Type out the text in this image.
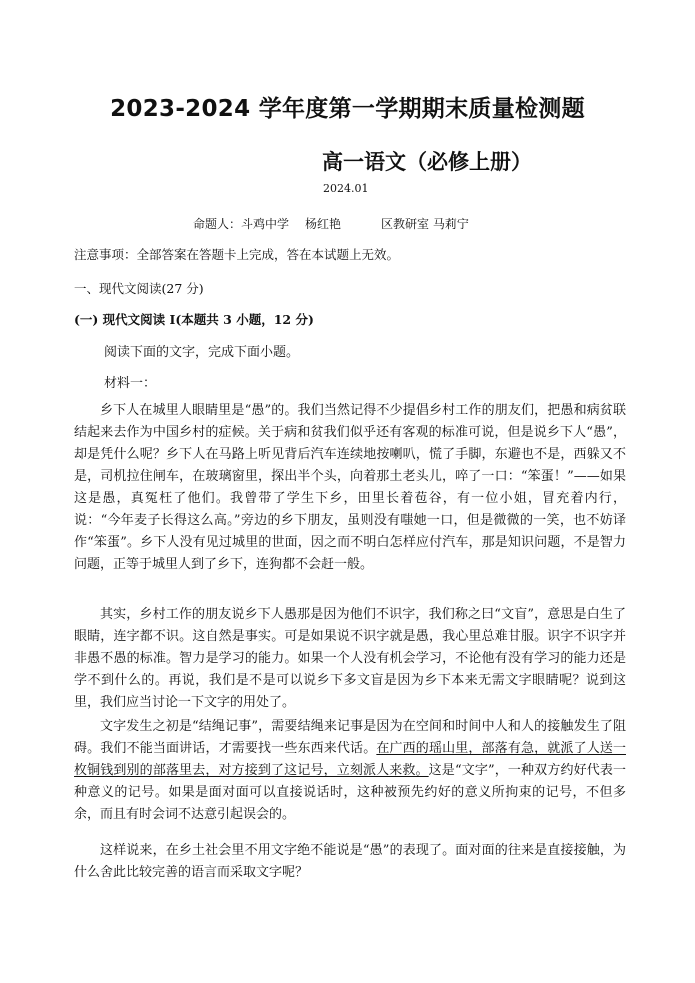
2023-2024 学年度第一学期期末质量检测题
高一语文（必修上册）
2024.01
命题人：斗鸡中学 杨红艳	区教研室 马莉宁
注意事项：全部答案在答题卡上完成，答在本试题上无效。
一、现代文阅读(27 分)
(一) 现代文阅读 I(本题共 3 小题，12 分)
阅读下面的文字，完成下面小题。
材料一：
乡下人在城里人眼睛里是“愚”的。我们当然记得不少提倡乡村工作的朋友们，把愚和病贫联结起来去作为中国乡村的症候。关于病和贫我们似乎还有客观的标准可说，但是说乡下人“愚”，却是凭什么呢？乡下人在马路上听见背后汽车连续地按喇叭，慌了手脚，东避也不是，西躲又不是，司机拉住闸车，在玻璃窗里，探出半个头，向着那土老头儿，啐了一口：“笨蛋！”——如果这是愚，真冤枉了他们。我曾带了学生下乡，田里长着苞谷，有一位小姐，冒充着内行，说：“今年麦子长得这么高。”旁边的乡下朋友，虽则没有嗤她一口，但是微微的一笑，也不妨译作“笨蛋”。乡下人没有见过城里的世面，因之而不明白怎样应付汽车，那是知识问题，不是智力问题，正等于城里人到了乡下，连狗都不会赶一般。
其实，乡村工作的朋友说乡下人愚那是因为他们不识字，我们称之曰“文盲”，意思是白生了眼睛，连字都不识。这自然是事实。可是如果说不识字就是愚，我心里总难甘服。识字不识字并非愚不愚的标准。智力是学习的能力。如果一个人没有机会学习，不论他有没有学习的能力还是学不到什么的。再说，我们是不是可以说乡下多文盲是因为乡下本来无需文字眼睛呢？说到这里，我们应当讨论一下文字的用处了。
文字发生之初是“结绳记事”，需要结绳来记事是因为在空间和时间中人和人的接触发生了阻碍。我们不能当面讲话，才需要找一些东西来代话。在广西的瑶山里，部落有急，就派了人送一枚铜钱到别的部落里去，对方接到了这记号，立刻派人来救。这是“文字”，一种双方约好代表一种意义的记号。如果是面对面可以直接说话时，这种被预先约好的意义所拘束的记号，不但多余，而且有时会词不达意引起误会的。
这样说来，在乡土社会里不用文字绝不能说是“愚”的表现了。面对面的往来是直接接触，为什么舍此比较完善的语言而采取文字呢？
